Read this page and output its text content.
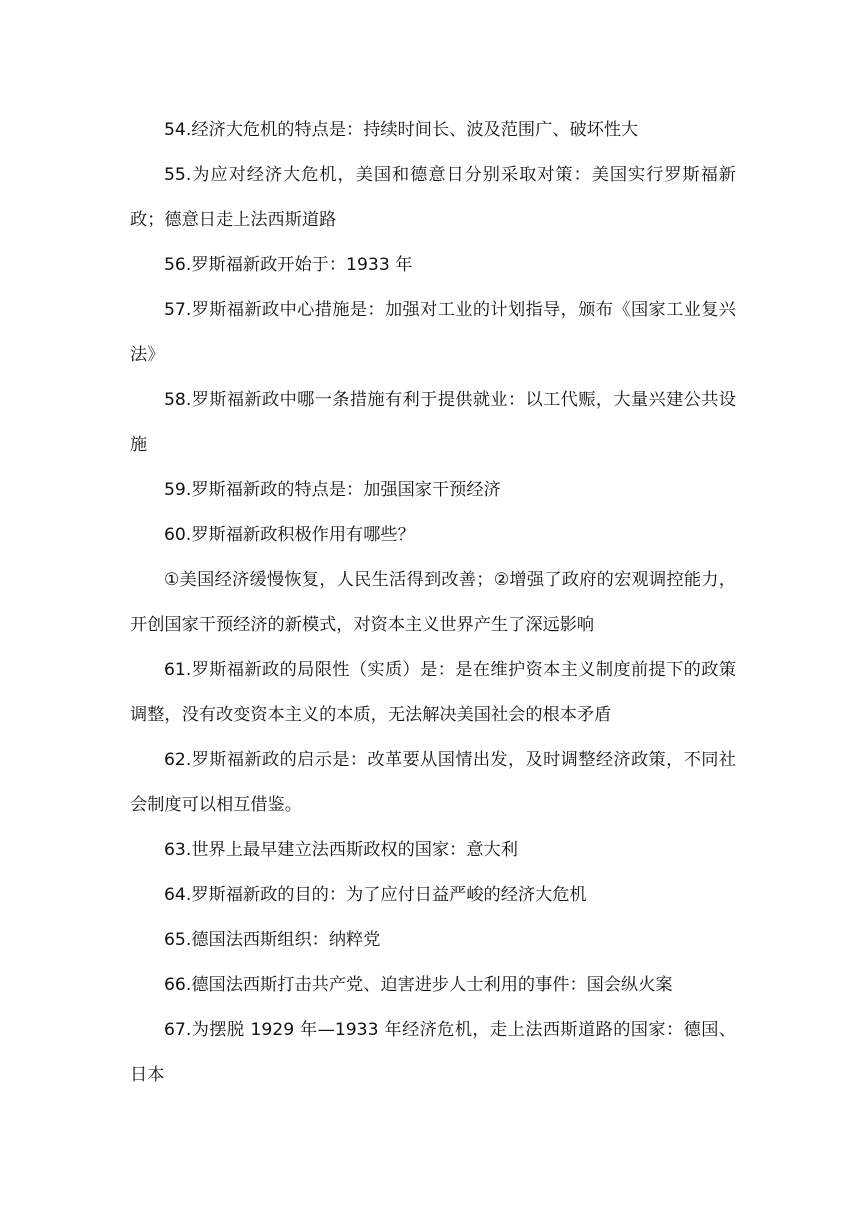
54.经济大危机的特点是：持续时间长、波及范围广、破坏性大

55.为应对经济大危机，美国和德意日分别采取对策：美国实行罗斯福新政；德意日走上法西斯道路

56.罗斯福新政开始于：1933 年

57.罗斯福新政中心措施是：加强对工业的计划指导，颁布《国家工业复兴法》

58.罗斯福新政中哪一条措施有利于提供就业：以工代赈，大量兴建公共设施

59.罗斯福新政的特点是：加强国家干预经济

60.罗斯福新政积极作用有哪些？

①美国经济缓慢恢复，人民生活得到改善；②增强了政府的宏观调控能力，开创国家干预经济的新模式，对资本主义世界产生了深远影响

61.罗斯福新政的局限性（实质）是：是在维护资本主义制度前提下的政策调整，没有改变资本主义的本质，无法解决美国社会的根本矛盾

62.罗斯福新政的启示是：改革要从国情出发，及时调整经济政策，不同社会制度可以相互借鉴。

63.世界上最早建立法西斯政权的国家：意大利

64.罗斯福新政的目的：为了应付日益严峻的经济大危机

65.德国法西斯组织：纳粹党

66.德国法西斯打击共产党、迫害进步人士利用的事件：国会纵火案

67.为摆脱 1929 年—1933 年经济危机，走上法西斯道路的国家：德国、日本
